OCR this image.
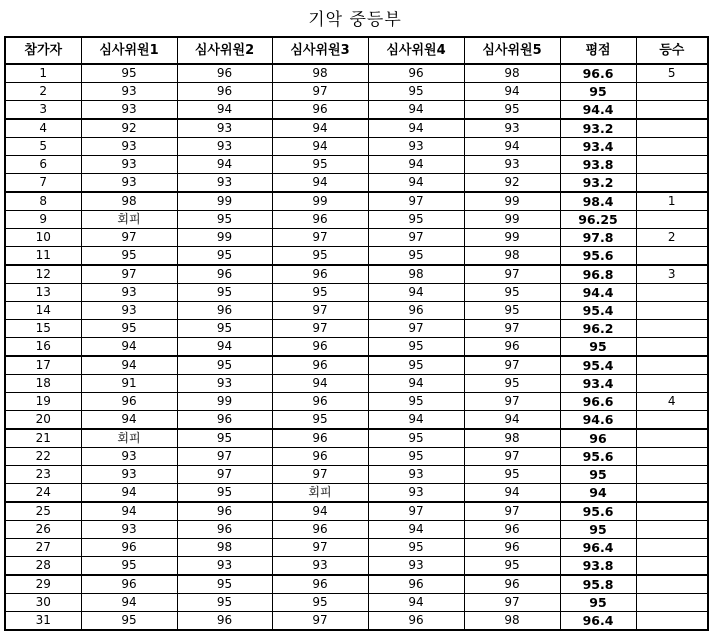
기악 중등부
참가자	심사위원1	심사위원2	심사위원3	심사위원4	심사위원5	평점	등수
1	95	96	98	96	98	96.6	5
2	93	96	97	95	94	95	
3	93	94	96	94	95	94.4	
4	92	93	94	94	93	93.2	
5	93	93	94	93	94	93.4	
6	93	94	95	94	93	93.8	
7	93	93	94	94	92	93.2	
8	98	99	99	97	99	98.4	1
9	회피	95	96	95	99	96.25	
10	97	99	97	97	99	97.8	2
11	95	95	95	95	98	95.6	
12	97	96	96	98	97	96.8	3
13	93	95	95	94	95	94.4	
14	93	96	97	96	95	95.4	
15	95	95	97	97	97	96.2	
16	94	94	96	95	96	95	
17	94	95	96	95	97	95.4	
18	91	93	94	94	95	93.4	
19	96	99	96	95	97	96.6	4
20	94	96	95	94	94	94.6	
21	회피	95	96	95	98	96	
22	93	97	96	95	97	95.6	
23	93	97	97	93	95	95	
24	94	95	회피	93	94	94	
25	94	96	94	97	97	95.6	
26	93	96	96	94	96	95	
27	96	98	97	95	96	96.4	
28	95	93	93	93	95	93.8	
29	96	95	96	96	96	95.8	
30	94	95	95	94	97	95	
31	95	96	97	96	98	96.4	
